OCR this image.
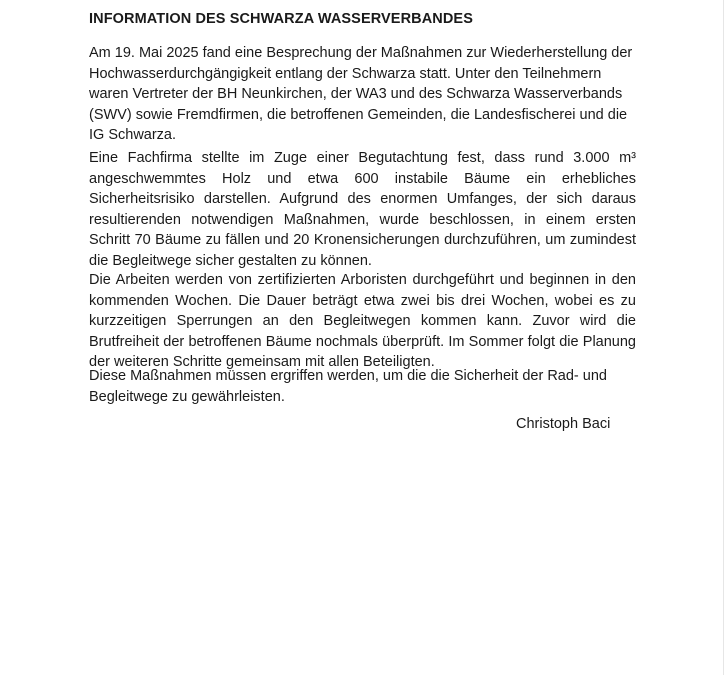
INFORMATION DES SCHWARZA WASSERVERBANDES

Am 19. Mai 2025 fand eine Besprechung der Maßnahmen zur Wiederherstellung der Hochwasserdurchgängigkeit entlang der Schwarza statt. Unter den Teilnehmern waren Vertreter der BH Neunkirchen, der WA3 und des Schwarza Wasserverbands (SWV) sowie Fremdfirmen, die betroffenen Gemeinden, die Landesfischerei und die IG Schwarza.

Eine Fachfirma stellte im Zuge einer Begutachtung fest, dass rund 3.000 m³ angeschwemmtes Holz und etwa 600 instabile Bäume ein erhebliches Sicherheitsrisiko darstellen. Aufgrund des enormen Umfanges, der sich daraus resultierenden notwendigen Maßnahmen, wurde beschlossen, in einem ersten Schritt 70 Bäume zu fällen und 20 Kronensicherungen durchzuführen, um zumindest die Begleitwege sicher gestalten zu können.

Die Arbeiten werden von zertifizierten Arboristen durchgeführt und beginnen in den kommenden Wochen. Die Dauer beträgt etwa zwei bis drei Wochen, wobei es zu kurzzeitigen Sperrungen an den Begleitwegen kommen kann. Zuvor wird die Brutfreiheit der betroffenen Bäume nochmals überprüft. Im Sommer folgt die Planung der weiteren Schritte gemeinsam mit allen Beteiligten.

Diese Maßnahmen müssen ergriffen werden, um die die Sicherheit der Rad- und Begleitwege zu gewährleisten.

Christoph Baci
